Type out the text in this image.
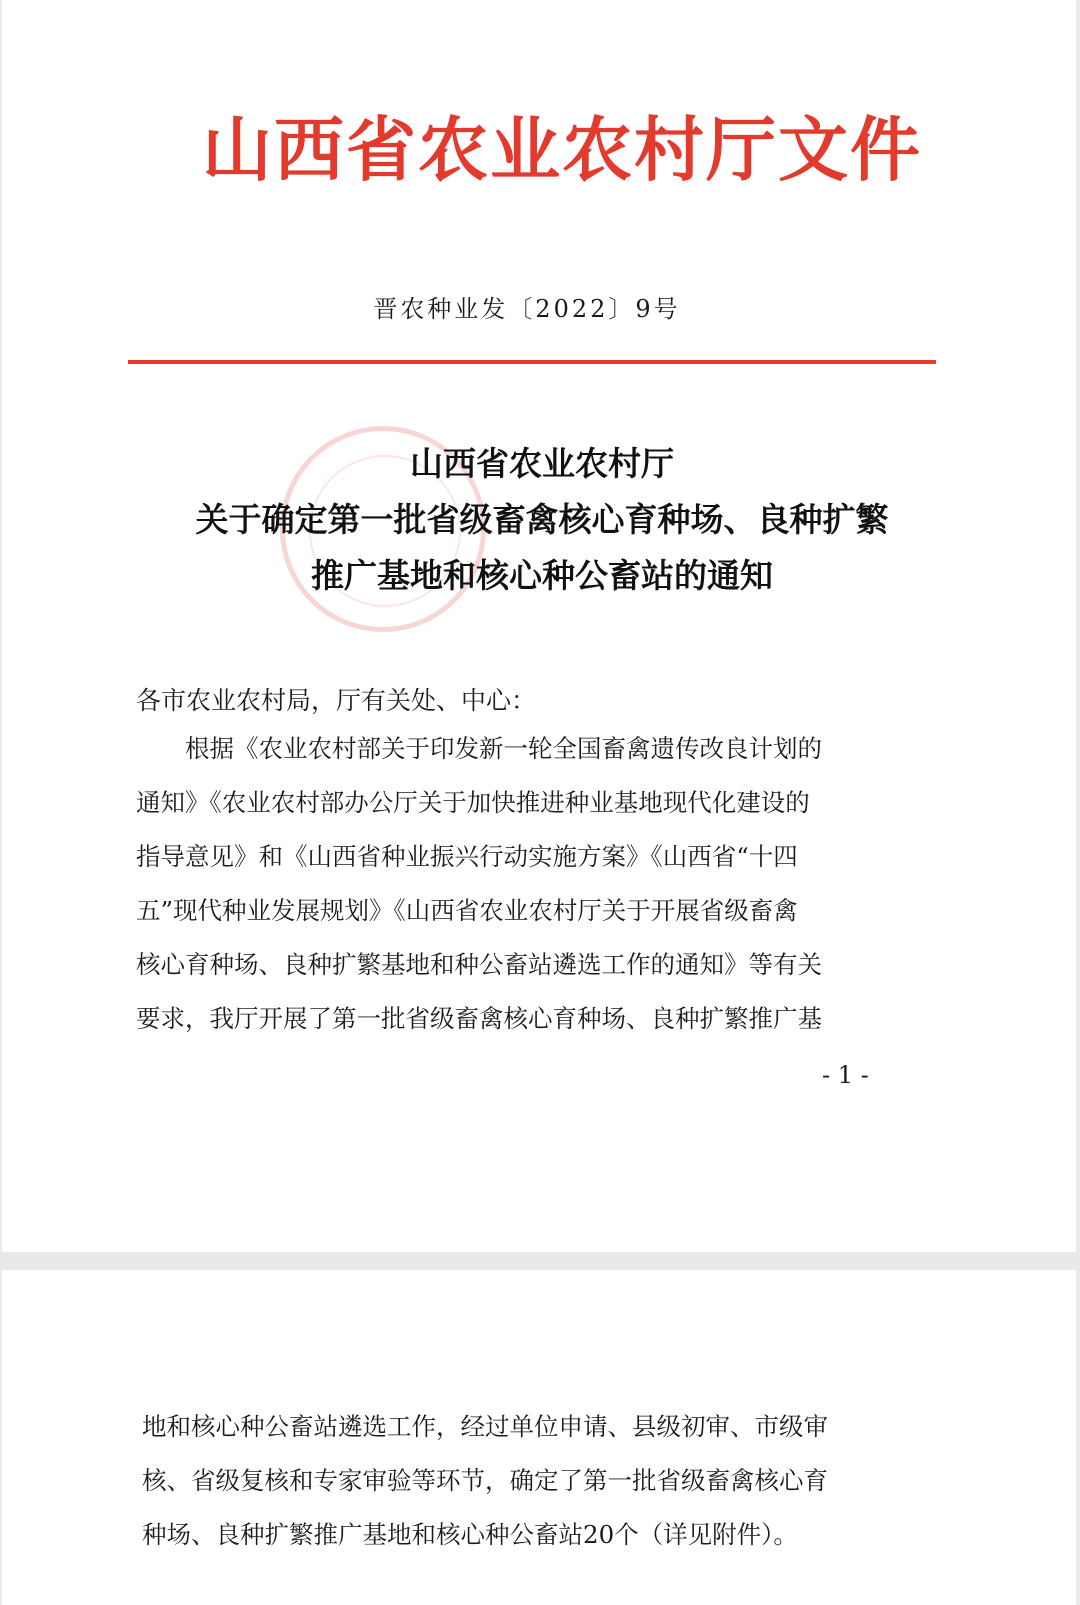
山西省农业农村厅文件
晋农种业发〔2022〕9号
山西省农业农村厅
关于确定第一批省级畜禽核心育种场、良种扩繁
推广基地和核心种公畜站的通知
各市农业农村局，厅有关处、中心：
　　根据《农业农村部关于印发新一轮全国畜禽遗传改良计划的
通知》《农业农村部办公厅关于加快推进种业基地现代化建设的
指导意见》和《山西省种业振兴行动实施方案》《山西省“十四
五”现代种业发展规划》《山西省农业农村厅关于开展省级畜禽
核心育种场、良种扩繁基地和种公畜站遴选工作的通知》等有关
要求，我厅开展了第一批省级畜禽核心育种场、良种扩繁推广基
- 1 -
地和核心种公畜站遴选工作，经过单位申请、县级初审、市级审
核、省级复核和专家审验等环节，确定了第一批省级畜禽核心育
种场、良种扩繁推广基地和核心种公畜站20个（详见附件）。
